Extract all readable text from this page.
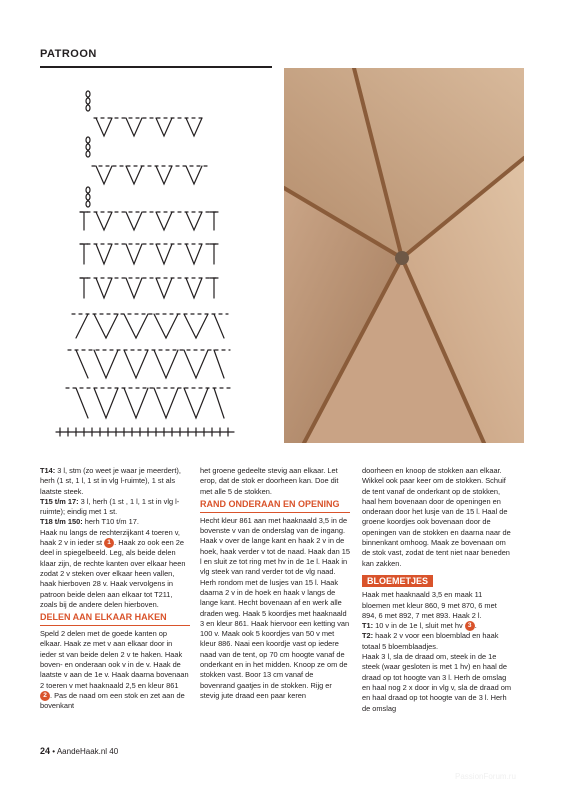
PATROON

T14: 3 l, stm (zo weet je waar je meerdert), herh (1 st, 1 l, 1 st in vlg l-ruimte), 1 st als laatste steek.

T15 t/m 17: 3 l, herh (1 st , 1 l, 1 st in vlg l-ruimte); eindig met 1 st.

T18 t/m 150: herh T10 t/m 17.

Haak nu langs de rechterzijkant 4 toeren v, haak 2 v in ieder st 1 . Haak zo ook een 2e deel in spiegelbeeld. Leg, als beide delen klaar zijn, de rechte kanten over elkaar heen zodat 2 v steken over elkaar heen vallen, haak hierboven 28 v. Haak vervolgens in patroon beide delen aan elkaar tot T211, zoals bij de andere delen hierboven.

DELEN AAN ELKAAR HAKEN

Speld 2 delen met de goede kanten op elkaar. Haak ze met v aan elkaar door in ieder st van beide delen 2 v te haken. Haak boven- en onderaan ook v in de v. Haak de laatste v aan de 1e v. Haak daarna bovenaan 2 toeren v met haaknaald 2,5 en kleur 861 2 . Pas de naad om een stok en zet aan de bovenkant

het groene gedeelte stevig aan elkaar. Let erop, dat de stok er doorheen kan. Doe dit met alle 5 de stokken.

RAND ONDERAAN EN OPENING

Hecht kleur 861 aan met haaknaald 3,5 in de bovenste v van de onderslag van de ingang. Haak v over de lange kant en haak 2 v in de hoek, haak verder v tot de naad. Haak dan 15 l en sluit ze tot ring met hv in de 1e l. Haak in vlg steek van rand verder tot de vlg naad. Herh rondom met de lusjes van 15 l. Haak daarna 2 v in de hoek en haak v langs de lange kant. Hecht bovenaan af en werk alle draden weg. Haak 5 koordjes met haaknaald 3 en kleur 861. Haak hiervoor een ketting van 100 v. Maak ook 5 koordjes van 50 v met kleur 886. Naai een koordje vast op iedere naad van de tent, op 70 cm hoogte vanaf de onderkant en in het midden. Knoop ze om de stokken vast. Boor 13 cm vanaf de bovenrand gaatjes in de stokken. Rijg er stevig jute draad een paar keren

doorheen en knoop de stokken aan elkaar. Wikkel ook paar keer om de stokken. Schuif de tent vanaf de onderkant op de stokken, haal hem bovenaan door de openingen en onderaan door het lusje van de 15 l. Haal de groene koordjes ook bovenaan door de openingen van de stokken en daarna naar de binnenkant omhoog. Maak ze bovenaan om de stok vast, zodat de tent niet naar beneden kan zakken.

BLOEMETJES

Haak met haaknaald 3,5 en maak 11 bloemen met kleur 860, 9 met 870, 6 met 894, 6 met 892, 7 met 893. Haak 2 l.

T1: 10 v in de 1e l, sluit met hv 3 .

T2: haak 2 v voor een bloemblad en haak totaal 5 bloemblaadjes.

Haak 3 l, sla de draad om, steek in de 1e steek (waar gesloten is met 1 hv) en haal de draad op tot hoogte van 3 l. Herh de omslag en haal nog 2 x door in vlg v, sla de draad om en haal draad op tot hoogte van de 3 l. Herh de omslag

24 • AandeHaak.nl 40
PassionForum.ru
